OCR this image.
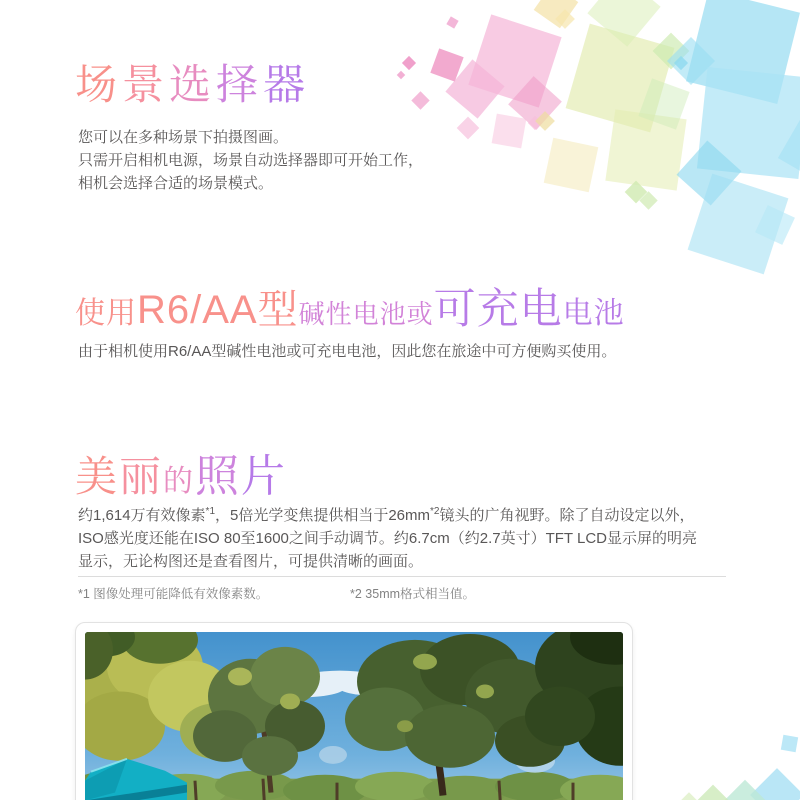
场景选择器
您可以在多种场景下拍摄图画。
只需开启相机电源，场景自动选择器即可开始工作，
相机会选择合适的场景模式。
使用R6/AA型碱性电池或可充电电池

由于相机使用R6/AA型碱性电池或可充电电池，因此您在旅途中可方便购买使用。

美丽的照片
约1,614万有效像素$^{*1}$，5倍光学变焦提供相当于$26mm^{*2}$镜头的广角视野。除了自动设定以外，
ISO感光度还能在ISO 80至1600之间手动调节。约6.7cm（约2.7英寸）TFT LCD显示屏的明亮
显示，无论构图还是查看图片，可提供清晰的画面。
*1 图像处理可能降低有效像素数。	*2 35mm格式相当值。
